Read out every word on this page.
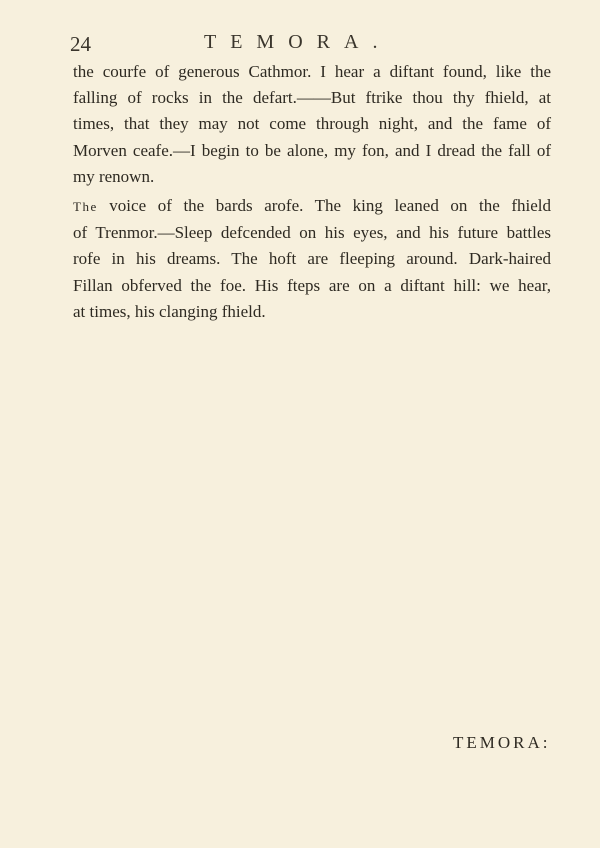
24	TEMORA.
the courfe of generous Cathmor. I hear a diftant found, like the
falling of rocks in the defart.——But ftrike thou thy fhield, at
times, that they may not come through night, and the fame of
Morven ceafe.—I begin to be alone, my fon, and I dread the fall of
my renown.
The voice of the bards arofe. The king leaned on the fhield
of Trenmor.—Sleep defcended on his eyes, and his future battles
rofe in his dreams. The hoft are fleeping around. Dark-haired
Fillan obferved the foe. His fteps are on a diftant hill: we hear,
at times, his clanging fhield.
TEMORA:
